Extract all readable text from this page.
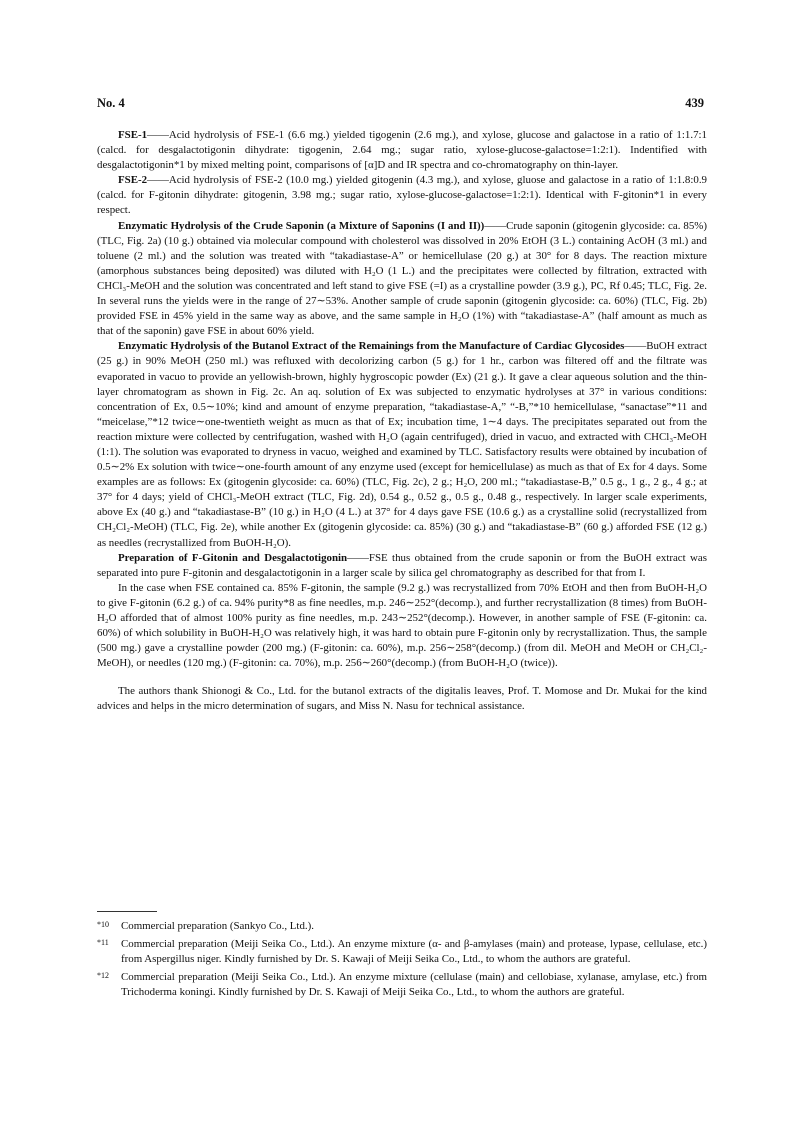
No. 4	439

FSE-1——Acid hydrolysis of FSE-1 (6.6 mg.) yielded tigogenin (2.6 mg.), and xylose, glucose and galactose in a ratio of 1:1.7:1 (calcd. for desgalactotigonin dihydrate: tigogenin, 2.64 mg.; sugar ratio, xylose-glucose-galactose=1:2:1). Indentified with desgalactotigonin*1 by mixed melting point, comparisons of [α]D and IR spectra and co-chromatography on thin-layer.

FSE-2——Acid hydrolysis of FSE-2 (10.0 mg.) yielded gitogenin (4.3 mg.), and xylose, gluose and galactose in a ratio of 1:1.8:0.9 (calcd. for F-gitonin dihydrate: gitogenin, 3.98 mg.; sugar ratio, xylose-glucose-galactose=1:2:1). Identical with F-gitonin*1 in every respect.

Enzymatic Hydrolysis of the Crude Saponin (a Mixture of Saponins (I and II))——Crude saponin (gitogenin glycoside: ca. 85%) (TLC, Fig. 2a) (10 g.) obtained via molecular compound with cholesterol was dissolved in 20% EtOH (3 L.) containing AcOH (3 ml.) and toluene (2 ml.) and the solution was treated with “takadiastase-A” or hemicellulase (20 g.) at 30° for 8 days. The reaction mixture (amorphous substances being deposited) was diluted with H₂O (1 L.) and the precipitates were collected by filtration, extracted with CHCl₃-MeOH and the solution was concentrated and left stand to give FSE (=I) as a crystalline powder (3.9 g.), PC, Rf 0.45; TLC, Fig. 2e. In several runs the yields were in the range of 27∼53%. Another sample of crude saponin (gitogenin glycoside: ca. 60%) (TLC, Fig. 2b) provided FSE in 45% yield in the same way as above, and the same sample in H₂O (1%) with “takadiastase-A” (half amount as much as that of the saponin) gave FSE in about 60% yield.

Enzymatic Hydrolysis of the Butanol Extract of the Remainings from the Manufacture of Cardiac Glycosides——BuOH extract (25 g.) in 90% MeOH (250 ml.) was refluxed with decolorizing carbon (5 g.) for 1 hr., carbon was filtered off and the filtrate was evaporated in vacuo to provide an yellowish-brown, highly hygroscopic powder (Ex) (21 g.). It gave a clear aqueous solution and the thin-layer chromatogram as shown in Fig. 2c. An aq. solution of Ex was subjected to enzymatic hydrolyses at 37° in various conditions: concentration of Ex, 0.5∼10%; kind and amount of enzyme preparation, “takadiastase-A,” “-B,”*10 hemicellulase, “sanactase”*11 and “meicelase,”*12 twice∼one-twentieth weight as mucn as that of Ex; incubation time, 1∼4 days. The precipitates separated out from the reaction mixture were collected by centrifugation, washed with H₂O (again centrifuged), dried in vacuo, and extracted with CHCl₃-MeOH (1:1). The solution was evaporated to dryness in vacuo, weighed and examined by TLC. Satisfactory results were obtained by incubation of 0.5∼2% Ex solution with twice∼one-fourth amount of any enzyme used (except for hemicellulase) as much as that of Ex for 4 days. Some examples are as follows: Ex (gitogenin glycoside: ca. 60%) (TLC, Fig. 2c), 2 g.; H₂O, 200 ml.; “takadiastase-B,” 0.5 g., 1 g., 2 g., 4 g.; at 37° for 4 days; yield of CHCl₃-MeOH extract (TLC, Fig. 2d), 0.54 g., 0.52 g., 0.5 g., 0.48 g., respectively. In larger scale experiments, above Ex (40 g.) and “takadiastase-B” (10 g.) in H₂O (4 L.) at 37° for 4 days gave FSE (10.6 g.) as a crystalline solid (recrystallized from CH₂Cl₂-MeOH) (TLC, Fig. 2e), while another Ex (gitogenin glycoside: ca. 85%) (30 g.) and “takadiastase-B” (60 g.) afforded FSE (12 g.) as needles (recrystallized from BuOH-H₂O).

Preparation of F-Gitonin and Desgalactotigonin——FSE thus obtained from the crude saponin or from the BuOH extract was separated into pure F-gitonin and desgalactotigonin in a larger scale by silica gel chromatography as described for that from I.

In the case when FSE contained ca. 85% F-gitonin, the sample (9.2 g.) was recrystallized from 70% EtOH and then from BuOH-H₂O to give F-gitonin (6.2 g.) of ca. 94% purity*8 as fine needles, m.p. 246∼252°(decomp.), and further recrystallization (8 times) from BuOH-H₂O afforded that of almost 100% purity as fine needles, m.p. 243∼252°(decomp.). However, in another sample of FSE (F-gitonin: ca. 60%) of which solubility in BuOH-H₂O was relatively high, it was hard to obtain pure F-gitonin only by recrystallization. Thus, the sample (500 mg.) gave a crystalline powder (200 mg.) (F-gitonin: ca. 60%), m.p. 256∼258°(decomp.) (from dil. MeOH and MeOH or CH₂Cl₂-MeOH), or needles (120 mg.) (F-gitonin: ca. 70%), m.p. 256∼260°(decomp.) (from BuOH-H₂O (twice)).

The authors thank Shionogi & Co., Ltd. for the butanol extracts of the digitalis leaves, Prof. T. Momose and Dr. Mukai for the kind advices and helps in the micro determination of sugars, and Miss N. Nasu for technical assistance.

*10 Commercial preparation (Sankyo Co., Ltd.).
*11 Commercial preparation (Meiji Seika Co., Ltd.). An enzyme mixture (α- and β-amylases (main) and protease, lypase, cellulase, etc.) from Aspergillus niger. Kindly furnished by Dr. S. Kawaji of Meiji Seika Co., Ltd., to whom the authors are grateful.
*12 Commercial preparation (Meiji Seika Co., Ltd.). An enzyme mixture (cellulase (main) and cellobiase, xylanase, amylase, etc.) from Trichoderma koningi. Kindly furnished by Dr. S. Kawaji of Meiji Seika Co., Ltd., to whom the authors are grateful.
